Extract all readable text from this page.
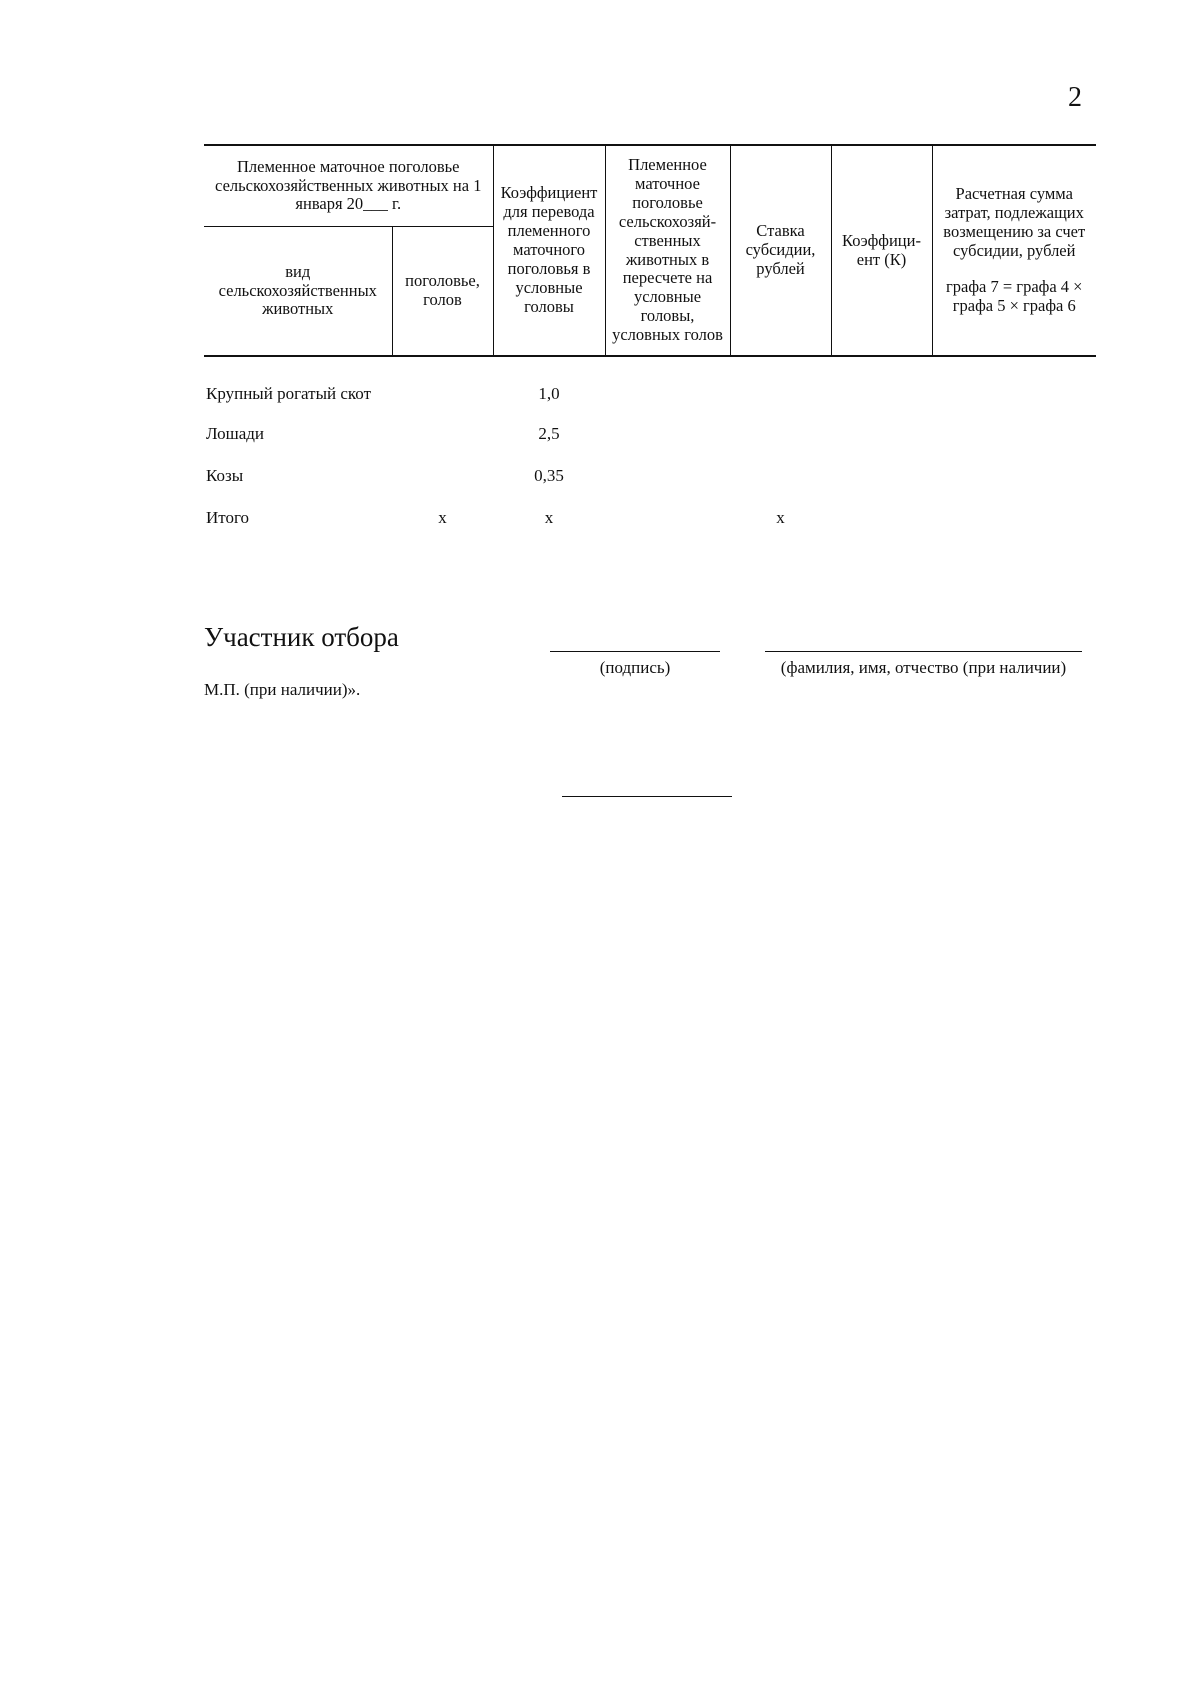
2
Племенное маточное поголовье сельскохозяйственных животных на 1 января 20___ г.		Коэффициент для перевода племенного маточного поголовья в условные головы	Племенное маточное поголовье сельскохозяй-ственных животных в пересчете на условные головы, условных голов	Ставка субсидии, рублей	Коэффици-ент (К)	Расчетная сумма затрат, подлежащих возмещению за счет субсидии, рублей
графа 7 = графа 4 × графа 5 × графа 6

вид сельскохозяйственных животных	поголовье, голов					
Крупный рогатый скот		1,0				
Лошади		2,5				
Козы		0,35				
Итого	x	x		x		
Участник отбора
(подпись)	(фамилия, имя, отчество (при наличии)
М.П. (при наличии)».
